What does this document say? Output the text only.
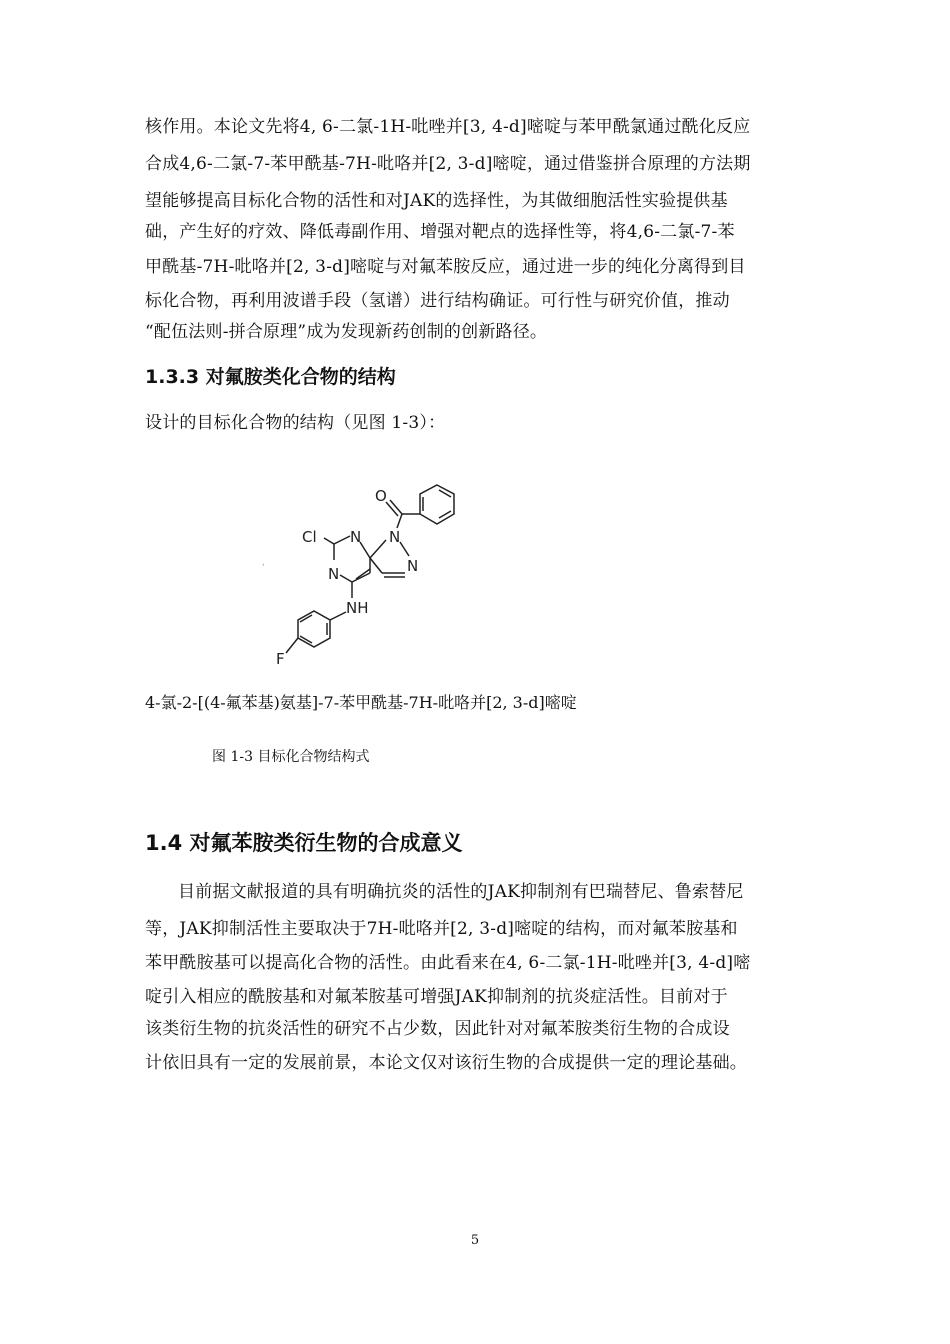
核作用。本论文先将4, 6-二氯-1H-吡唑并[3, 4-d]嘧啶与苯甲酰氯通过酰化反应
合成4,6-二氯-7-苯甲酰基-7H-吡咯并[2, 3-d]嘧啶，通过借鉴拼合原理的方法期
望能够提高目标化合物的活性和对JAK的选择性，为其做细胞活性实验提供基
础，产生好的疗效、降低毒副作用、增强对靶点的选择性等，将4,6-二氯-7-苯
甲酰基-7H-吡咯并[2, 3-d]嘧啶与对氟苯胺反应，通过进一步的纯化分离得到目
标化合物，再利用波谱手段（氢谱）进行结构确证。可行性与研究价值，推动
“配伍法则-拼合原理”成为发现新药创制的创新路径。
1.3.3 对氟胺类化合物的结构
设计的目标化合物的结构（见图 1-3）：
O
N
N
N
Cl
N
NH
F
'
4-氯-2-[(4-氟苯基)氨基]-7-苯甲酰基-7H-吡咯并[2, 3-d]嘧啶
图 1-3 目标化合物结构式
1.4 对氟苯胺类衍生物的合成意义
目前据文献报道的具有明确抗炎的活性的JAK抑制剂有巴瑞替尼、鲁索替尼
等，JAK抑制活性主要取决于7H-吡咯并[2, 3-d]嘧啶的结构，而对氟苯胺基和
苯甲酰胺基可以提高化合物的活性。由此看来在4, 6-二氯-1H-吡唑并[3, 4-d]嘧
啶引入相应的酰胺基和对氟苯胺基可增强JAK抑制剂的抗炎症活性。目前对于
该类衍生物的抗炎活性的研究不占少数，因此针对对氟苯胺类衍生物的合成设
计依旧具有一定的发展前景，本论文仅对该衍生物的合成提供一定的理论基础。
5
